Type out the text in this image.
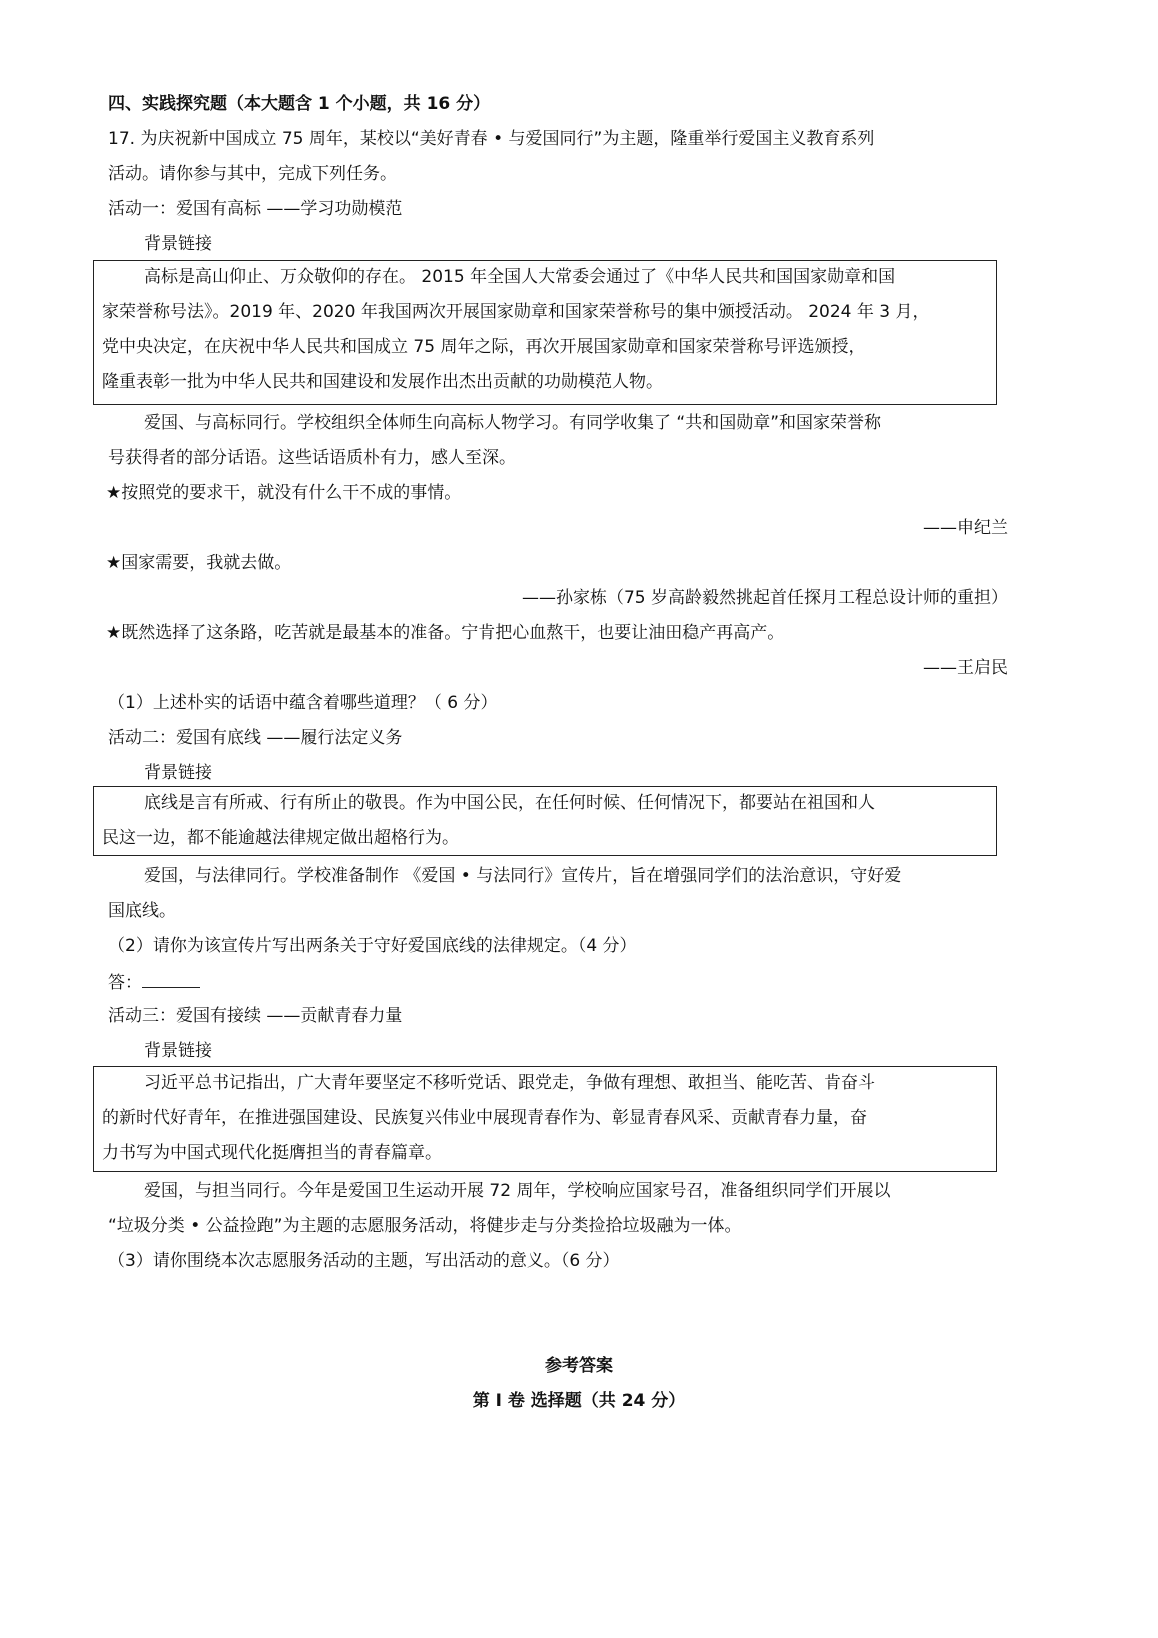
四、实践探究题（本大题含 1 个小题，共 16 分）
17. 为庆祝新中国成立 75 周年，某校以“美好青春 • 与爱国同行”为主题，隆重举行爱国主义教育系列
活动。请你参与其中，完成下列任务。
活动一：爱国有高标 ——学习功勋模范
背景链接
高标是高山仰止、万众敬仰的存在。 2015 年全国人大常委会通过了《中华人民共和国国家勋章和国
家荣誉称号法》。2019 年、2020 年我国两次开展国家勋章和国家荣誉称号的集中颁授活动。 2024 年 3 月，
党中央决定，在庆祝中华人民共和国成立 75 周年之际，再次开展国家勋章和国家荣誉称号评选颁授，
隆重表彰一批为中华人民共和国建设和发展作出杰出贡献的功勋模范人物。
爱国、与高标同行。学校组织全体师生向高标人物学习。有同学收集了 “共和国勋章”和国家荣誉称
号获得者的部分话语。这些话语质朴有力，感人至深。
★按照党的要求干，就没有什么干不成的事情。
——申纪兰
★国家需要，我就去做。
——孙家栋（75 岁高龄毅然挑起首任探月工程总设计师的重担）
★既然选择了这条路，吃苦就是最基本的准备。宁肯把心血熬干，也要让油田稳产再高产。
——王启民
（1）上述朴实的话语中蕴含着哪些道理？（ 6 分）
活动二：爱国有底线 ——履行法定义务
背景链接
底线是言有所戒、行有所止的敬畏。作为中国公民，在任何时候、任何情况下，都要站在祖国和人
民这一边，都不能逾越法律规定做出超格行为。
爱国，与法律同行。学校准备制作 《爱国 • 与法同行》宣传片，旨在增强同学们的法治意识，守好爱
国底线。
（2）请你为该宣传片写出两条关于守好爱国底线的法律规定。（4 分）
答：
活动三：爱国有接续 ——贡献青春力量
背景链接
习近平总书记指出，广大青年要坚定不移听党话、跟党走，争做有理想、敢担当、能吃苦、肯奋斗
的新时代好青年，在推进强国建设、民族复兴伟业中展现青春作为、彰显青春风采、贡献青春力量，奋
力书写为中国式现代化挺膺担当的青春篇章。
爱国，与担当同行。今年是爱国卫生运动开展 72 周年，学校响应国家号召，准备组织同学们开展以
“垃圾分类 • 公益捡跑”为主题的志愿服务活动，将健步走与分类捡拾垃圾融为一体。
（3）请你围绕本次志愿服务活动的主题，写出活动的意义。（6 分）
参考答案
第 I 卷 选择题（共 24 分）
